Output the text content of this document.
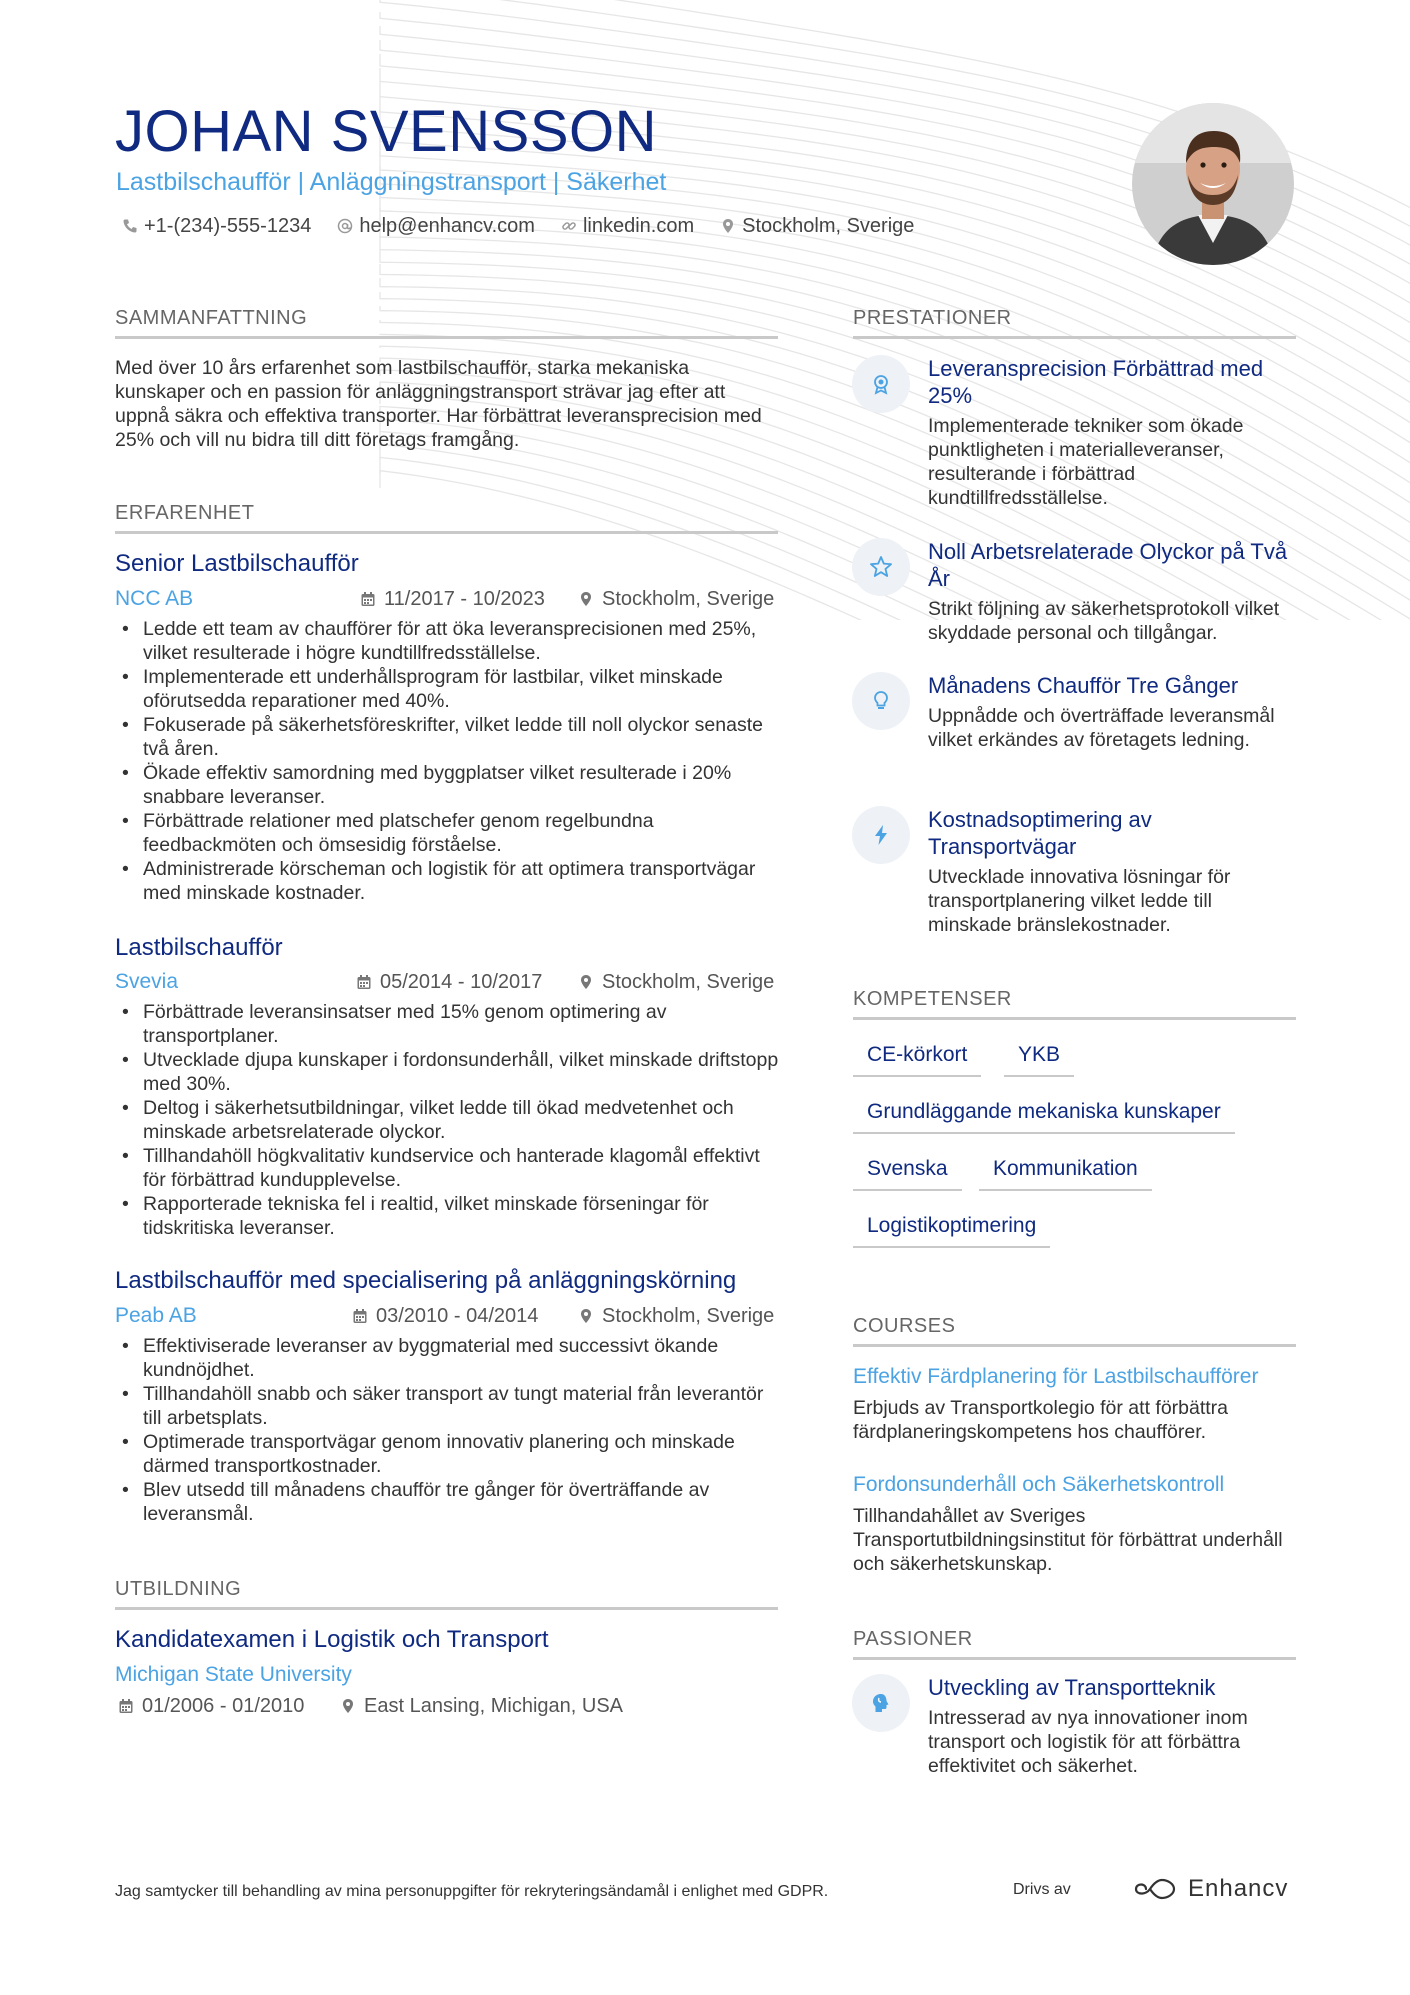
JOHAN SVENSSON
Lastbilschaufför | Anläggningstransport | Säkerhet
+1-(234)-555-1234 help@enhancv.com linkedin.com Stockholm, Sverige
SAMMANFATTNING
Med över 10 års erfarenhet som lastbilschaufför, starka mekaniska kunskaper och en passion för anläggningstransport strävar jag efter att uppnå säkra och effektiva transporter. Har förbättrat leveransprecision med 25% och vill nu bidra till ditt företags framgång.
ERFARENHET
Senior Lastbilschaufför
NCC AB	11/2017 - 10/2023	Stockholm, Sverige
• Ledde ett team av chaufförer för att öka leveransprecisionen med 25%, vilket resulterade i högre kundtillfredsställelse.
• Implementerade ett underhållsprogram för lastbilar, vilket minskade oförutsedda reparationer med 40%.
• Fokuserade på säkerhetsföreskrifter, vilket ledde till noll olyckor senaste två åren.
• Ökade effektiv samordning med byggplatser vilket resulterade i 20% snabbare leveranser.
• Förbättrade relationer med platschefer genom regelbundna feedbackmöten och ömsesidig förståelse.
• Administrerade körscheman och logistik för att optimera transportvägar med minskade kostnader.
Lastbilschaufför
Svevia	05/2014 - 10/2017	Stockholm, Sverige
• Förbättrade leveransinsatser med 15% genom optimering av transportplaner.
• Utvecklade djupa kunskaper i fordonsunderhåll, vilket minskade driftstopp med 30%.
• Deltog i säkerhetsutbildningar, vilket ledde till ökad medvetenhet och minskade arbetsrelaterade olyckor.
• Tillhandahöll högkvalitativ kundservice och hanterade klagomål effektivt för förbättrad kundupplevelse.
• Rapporterade tekniska fel i realtid, vilket minskade förseningar för tidskritiska leveranser.
Lastbilschaufför med specialisering på anläggningskörning
Peab AB	03/2010 - 04/2014	Stockholm, Sverige
• Effektiviserade leveranser av byggmaterial med successivt ökande kundnöjdhet.
• Tillhandahöll snabb och säker transport av tungt material från leverantör till arbetsplats.
• Optimerade transportvägar genom innovativ planering och minskade därmed transportkostnader.
• Blev utsedd till månadens chaufför tre gånger för överträffande av leveransmål.
UTBILDNING
Kandidatexamen i Logistik och Transport
Michigan State University
01/2006 - 01/2010	East Lansing, Michigan, USA
PRESTATIONER
Leveransprecision Förbättrad med 25%
Implementerade tekniker som ökade punktligheten i materialleveranser, resulterande i förbättrad kundtillfredsställelse.
Noll Arbetsrelaterade Olyckor på Två År
Strikt följning av säkerhetsprotokoll vilket skyddade personal och tillgångar.
Månadens Chaufför Tre Gånger
Uppnådde och överträffade leveransmål vilket erkändes av företagets ledning.
Kostnadsoptimering av Transportvägar
Utvecklade innovativa lösningar för transportplanering vilket ledde till minskade bränslekostnader.
KOMPETENSER
CE-körkort	YKB
Grundläggande mekaniska kunskaper
Svenska	Kommunikation
Logistikoptimering
COURSES
Effektiv Färdplanering för Lastbilschaufförer
Erbjuds av Transportkolegio för att förbättra färdplaneringskompetens hos chaufförer.
Fordonsunderhåll och Säkerhetskontroll
Tillhandahållet av Sveriges Transportutbildningsinstitut för förbättrat underhåll och säkerhetskunskap.
PASSIONER
Utveckling av Transportteknik
Intresserad av nya innovationer inom transport och logistik för att förbättra effektivitet och säkerhet.
Jag samtycker till behandling av mina personuppgifter för rekryteringsändamål i enlighet med GDPR.	Drivs av	Enhancv
